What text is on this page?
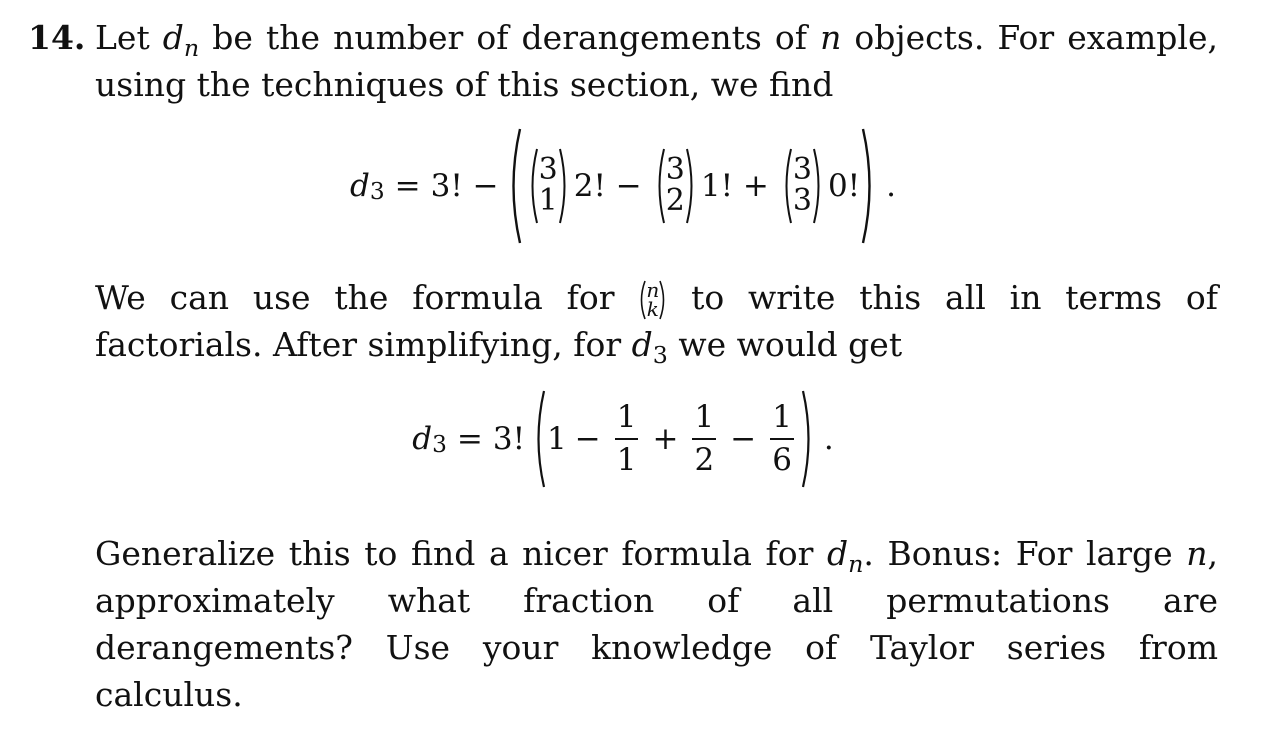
14. Let $d_n$ be the number of derangements of n objects. For example, using the techniques of this section, we find

d 3 = 3! − 3
1 2! − 3
2 1! + 3
3 0! .

We can use the formula for n
k to write this all in terms of factorials. After simplifying, for $d_3$ we would get

d 3 = 3! $1 - \frac{1}{1} + \frac{1}{2} - \frac{1}{6}$ .

Generalize this to find a nicer formula for $d_n$. Bonus: For large n, approximately what fraction of all permutations are derangements? Use your knowledge of Taylor series from calculus.
